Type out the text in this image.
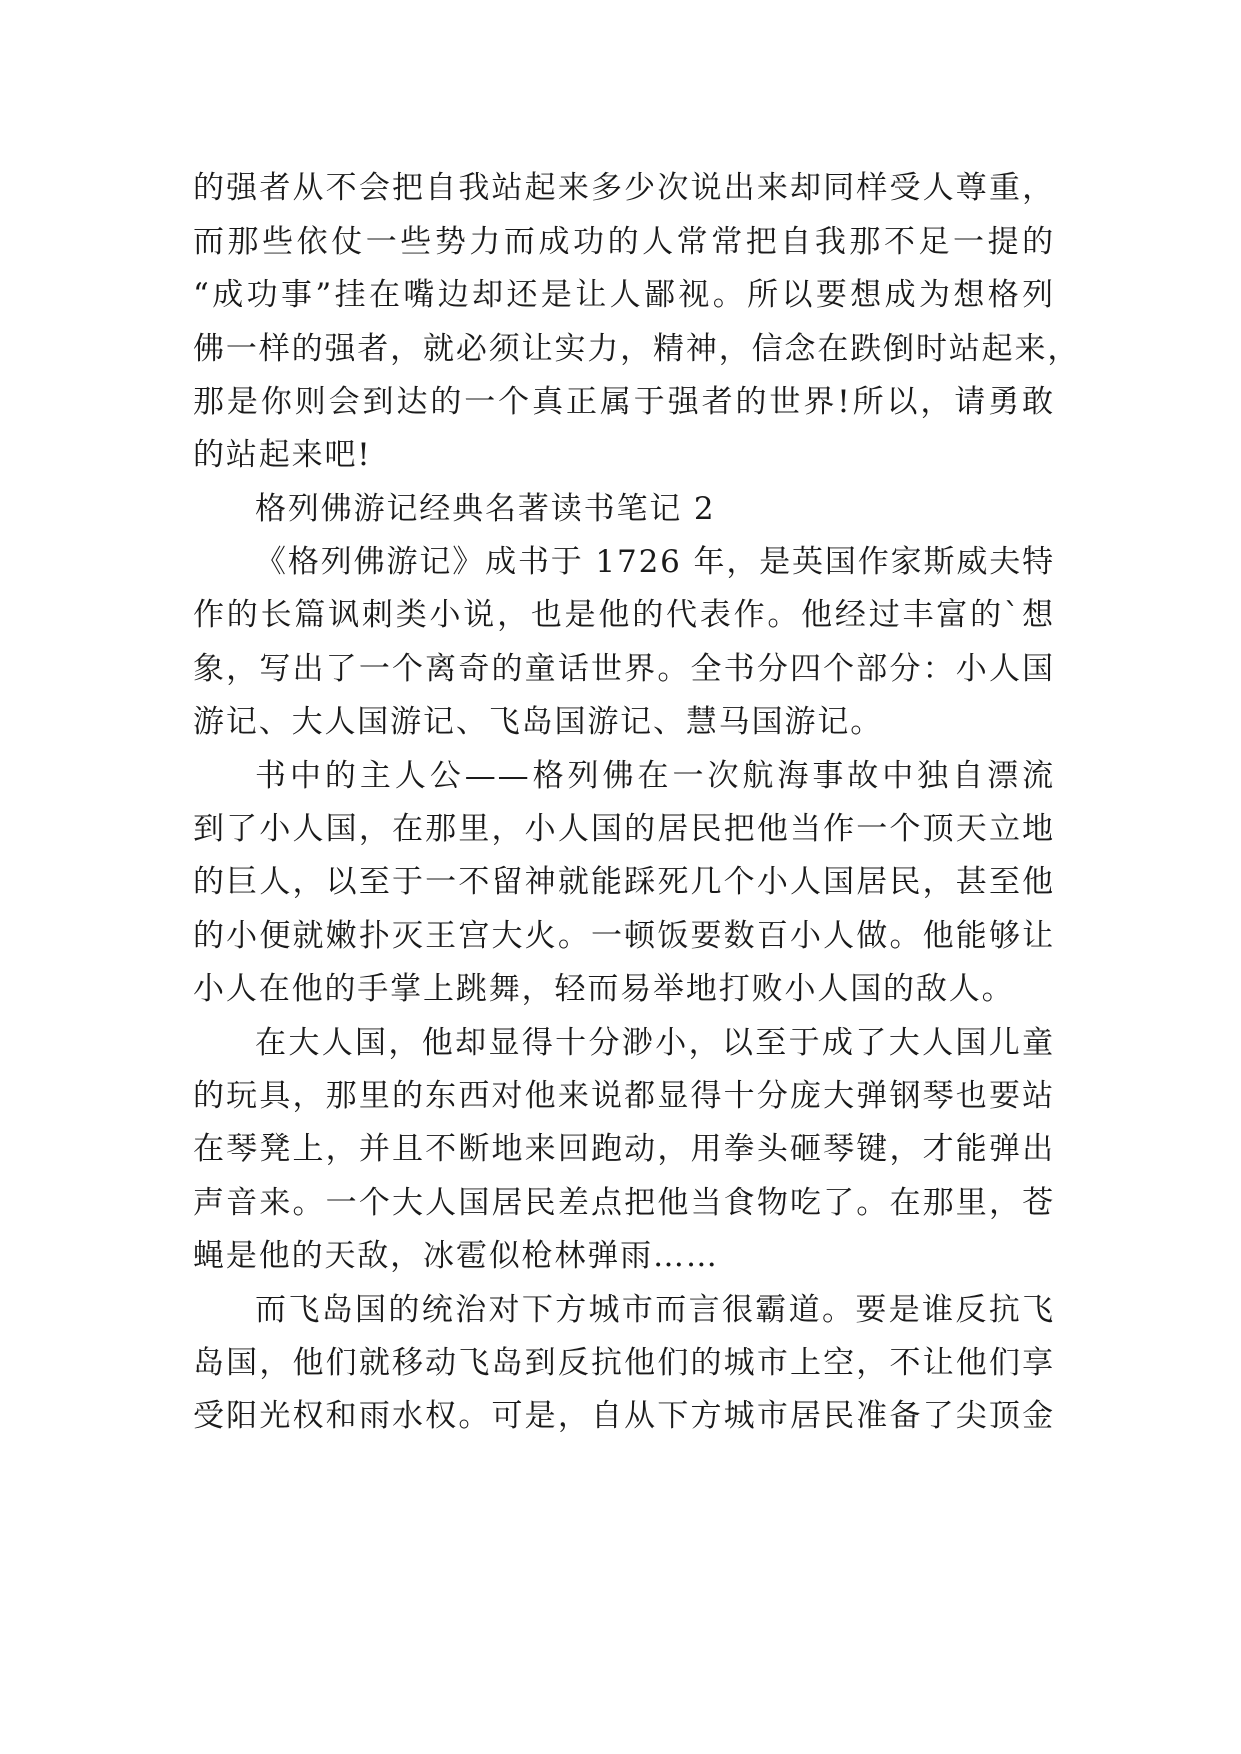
的强者从不会把自我站起来多少次说出来却同样受人尊重，
而那些依仗一些势力而成功的人常常把自我那不足一提的
“成功事”挂在嘴边却还是让人鄙视。所以要想成为想格列
佛一样的强者，就必须让实力，精神，信念在跌倒时站起来，
那是你则会到达的一个真正属于强者的世界!所以，请勇敢
的站起来吧!
格列佛游记经典名著读书笔记 2
《格列佛游记》成书于 1726 年，是英国作家斯威夫特
作的长篇讽刺类小说，也是他的代表作。他经过丰富的`想
象，写出了一个离奇的童话世界。全书分四个部分：小人国
游记、大人国游记、飞岛国游记、慧马国游记。
书中的主人公——格列佛在一次航海事故中独自漂流
到了小人国，在那里，小人国的居民把他当作一个顶天立地
的巨人，以至于一不留神就能踩死几个小人国居民，甚至他
的小便就嫩扑灭王宫大火。一顿饭要数百小人做。他能够让
小人在他的手掌上跳舞，轻而易举地打败小人国的敌人。
在大人国，他却显得十分渺小，以至于成了大人国儿童
的玩具，那里的东西对他来说都显得十分庞大弹钢琴也要站
在琴凳上，并且不断地来回跑动，用拳头砸琴键，才能弹出
声音来。一个大人国居民差点把他当食物吃了。在那里，苍
蝇是他的天敌，冰雹似枪林弹雨……
而飞岛国的统治对下方城市而言很霸道。要是谁反抗飞
岛国，他们就移动飞岛到反抗他们的城市上空，不让他们享
受阳光权和雨水权。可是，自从下方城市居民准备了尖顶金
